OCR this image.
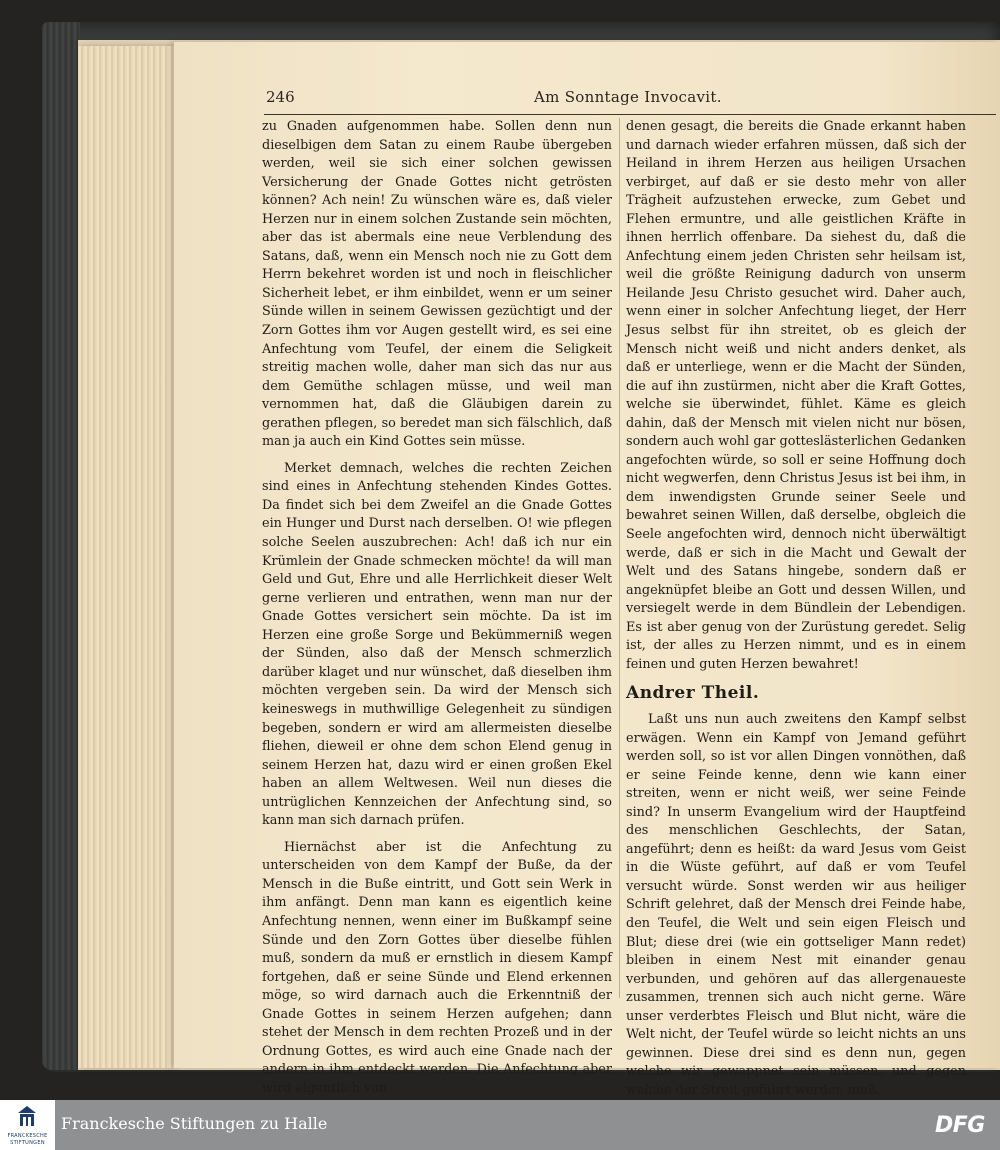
246	Am Sonntage Invocavit.

zu Gnaden aufgenommen habe. Sollen denn nun dieselbigen dem Satan zu einem Raube übergeben werden, weil sie sich einer solchen gewissen Versicherung der Gnade Gottes nicht getrösten können? Ach nein! Zu wünschen wäre es, daß vieler Herzen nur in einem solchen Zustande sein möchten, aber das ist abermals eine neue Verblendung des Satans, daß, wenn ein Mensch noch nie zu Gott dem Herrn bekehret worden ist und noch in fleischlicher Sicherheit lebet, er ihm einbildet, wenn er um seiner Sünde willen in seinem Gewissen gezüchtigt und der Zorn Gottes ihm vor Augen gestellt wird, es sei eine Anfechtung vom Teufel, der einem die Seligkeit streitig machen wolle, daher man sich das nur aus dem Gemüthe schlagen müsse, und weil man vernommen hat, daß die Gläubigen darein zu gerathen pflegen, so beredet man sich fälschlich, daß man ja auch ein Kind Gottes sein müsse.

Merket demnach, welches die rechten Zeichen sind eines in Anfechtung stehenden Kindes Gottes. Da findet sich bei dem Zweifel an die Gnade Gottes ein Hunger und Durst nach derselben. O! wie pflegen solche Seelen auszubrechen: Ach! daß ich nur ein Krümlein der Gnade schmecken möchte! da will man Geld und Gut, Ehre und alle Herrlichkeit dieser Welt gerne verlieren und entrathen, wenn man nur der Gnade Gottes versichert sein möchte. Da ist im Herzen eine große Sorge und Bekümmerniß wegen der Sünden, also daß der Mensch schmerzlich darüber klaget und nur wünschet, daß dieselben ihm möchten vergeben sein. Da wird der Mensch sich keineswegs in muthwillige Gelegenheit zu sündigen begeben, sondern er wird am allermeisten dieselbe fliehen, dieweil er ohne dem schon Elend genug in seinem Herzen hat, dazu wird er einen großen Ekel haben an allem Weltwesen. Weil nun dieses die untrüglichen Kennzeichen der Anfechtung sind, so kann man sich darnach prüfen.

Hiernächst aber ist die Anfechtung zu unterscheiden von dem Kampf der Buße, da der Mensch in die Buße eintritt, und Gott sein Werk in ihm anfängt. Denn man kann es eigentlich keine Anfechtung nennen, wenn einer im Bußkampf seine Sünde und den Zorn Gottes über dieselbe fühlen muß, sondern da muß er ernstlich in diesem Kampf fortgehen, daß er seine Sünde und Elend erkennen möge, so wird darnach auch die Erkenntniß der Gnade Gottes in seinem Herzen aufgehen; dann stehet der Mensch in dem rechten Prozeß und in der Ordnung Gottes, es wird auch eine Gnade nach der andern in ihm entdeckt werden. Die Anfechtung aber wird eigentlich von

denen gesagt, die bereits die Gnade erkannt haben und darnach wieder erfahren müssen, daß sich der Heiland in ihrem Herzen aus heiligen Ursachen verbirget, auf daß er sie desto mehr von aller Trägheit aufzustehen erwecke, zum Gebet und Flehen ermuntre, und alle geistlichen Kräfte in ihnen herrlich offenbare. Da siehest du, daß die Anfechtung einem jeden Christen sehr heilsam ist, weil die größte Reinigung dadurch von unserm Heilande Jesu Christo gesuchet wird. Daher auch, wenn einer in solcher Anfechtung lieget, der Herr Jesus selbst für ihn streitet, ob es gleich der Mensch nicht weiß und nicht anders denket, als daß er unterliege, wenn er die Macht der Sünden, die auf ihn zustürmen, nicht aber die Kraft Gottes, welche sie überwindet, fühlet. Käme es gleich dahin, daß der Mensch mit vielen nicht nur bösen, sondern auch wohl gar gotteslästerlichen Gedanken angefochten würde, so soll er seine Hoffnung doch nicht wegwerfen, denn Christus Jesus ist bei ihm, in dem inwendigsten Grunde seiner Seele und bewahret seinen Willen, daß derselbe, obgleich die Seele angefochten wird, dennoch nicht überwältigt werde, daß er sich in die Macht und Gewalt der Welt und des Satans hingebe, sondern daß er angeknüpfet bleibe an Gott und dessen Willen, und versiegelt werde in dem Bündlein der Lebendigen. Es ist aber genug von der Zurüstung geredet. Selig ist, der alles zu Herzen nimmt, und es in einem feinen und guten Herzen bewahret!

Andrer Theil.

Laßt uns nun auch zweitens den Kampf selbst erwägen. Wenn ein Kampf von Jemand geführt werden soll, so ist vor allen Dingen vonnöthen, daß er seine Feinde kenne, denn wie kann einer streiten, wenn er nicht weiß, wer seine Feinde sind? In unserm Evangelium wird der Hauptfeind des menschlichen Geschlechts, der Satan, angeführt; denn es heißt: da ward Jesus vom Geist in die Wüste geführt, auf daß er vom Teufel versucht würde. Sonst werden wir aus heiliger Schrift gelehret, daß der Mensch drei Feinde habe, den Teufel, die Welt und sein eigen Fleisch und Blut; diese drei (wie ein gottseliger Mann redet) bleiben in einem Nest mit einander genau verbunden, und gehören auf das allergenaueste zusammen, trennen sich auch nicht gerne. Wäre unser verderbtes Fleisch und Blut nicht, wäre die Welt nicht, der Teufel würde so leicht nichts an uns gewinnen. Diese drei sind es denn nun, gegen welche wir gewappnet sein müssen, und gegen welche der Streit geführt werden muß.

FRANCKESCHE
STIFTUNGEN
Franckesche Stiftungen zu Halle	DFG
